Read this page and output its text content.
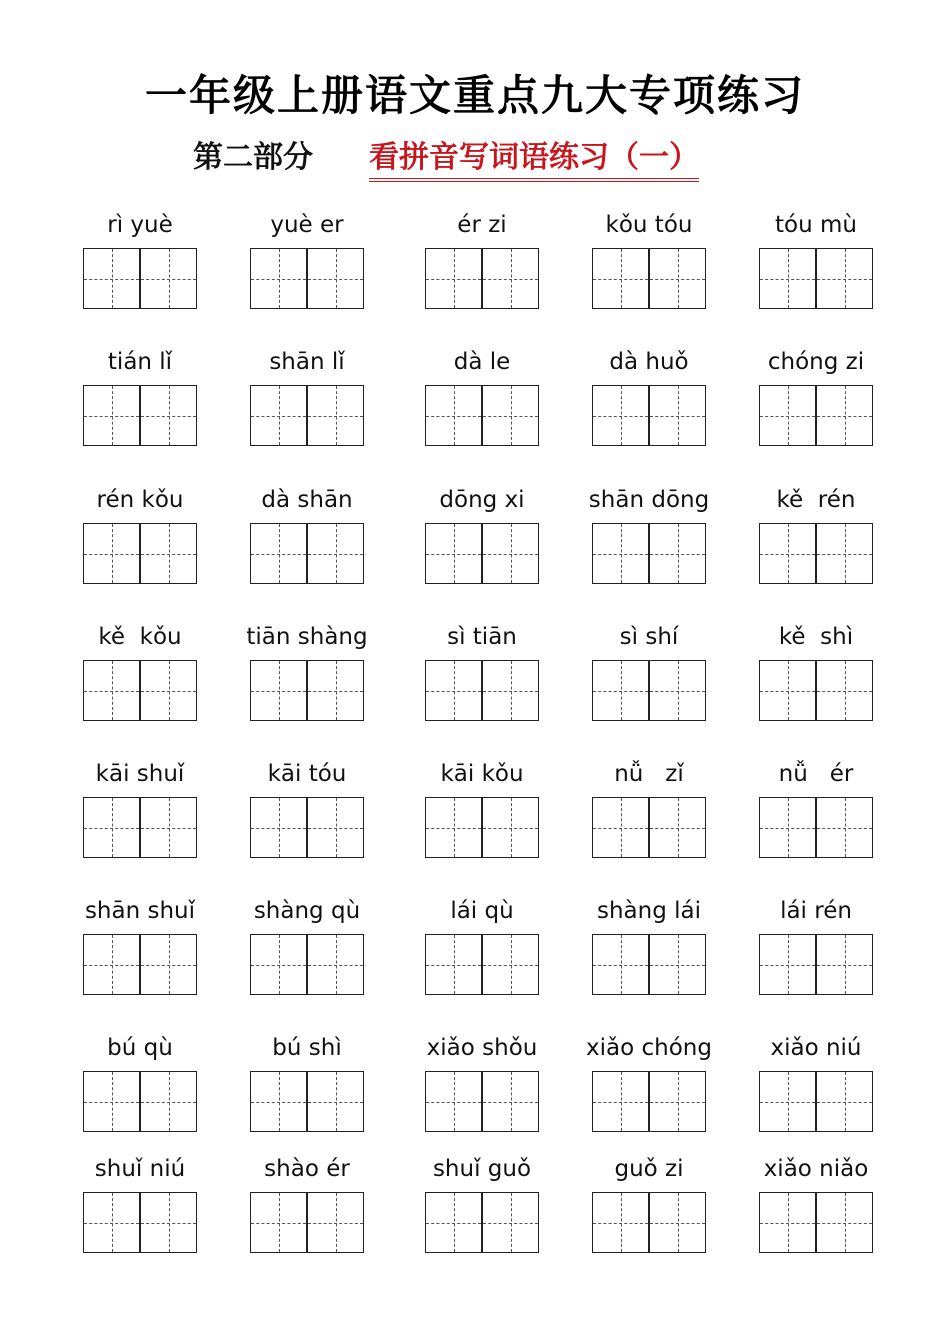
一年级上册语文重点九大专项练习
第二部分 看拼音写词语练习（一）
rì yuè	yuè er	ér zi	kǒu tóu	tóu mù
tián lǐ	shān lǐ	dà le	dà huǒ	chóng zi
rén kǒu	dà shān	dōng xi	shān dōng	kě  rén
kě  kǒu	tiān shàng	sì tiān	sì shí	kě  shì
kāi shuǐ	kāi tóu	kāi kǒu	nǚ   zǐ	nǚ   ér
shān shuǐ	shàng qù	lái qù	shàng lái	lái rén
bú qù	bú shì	xiǎo shǒu	xiǎo chóng	xiǎo niú
shuǐ niú	shào ér	shuǐ guǒ	guǒ zi	xiǎo niǎo
